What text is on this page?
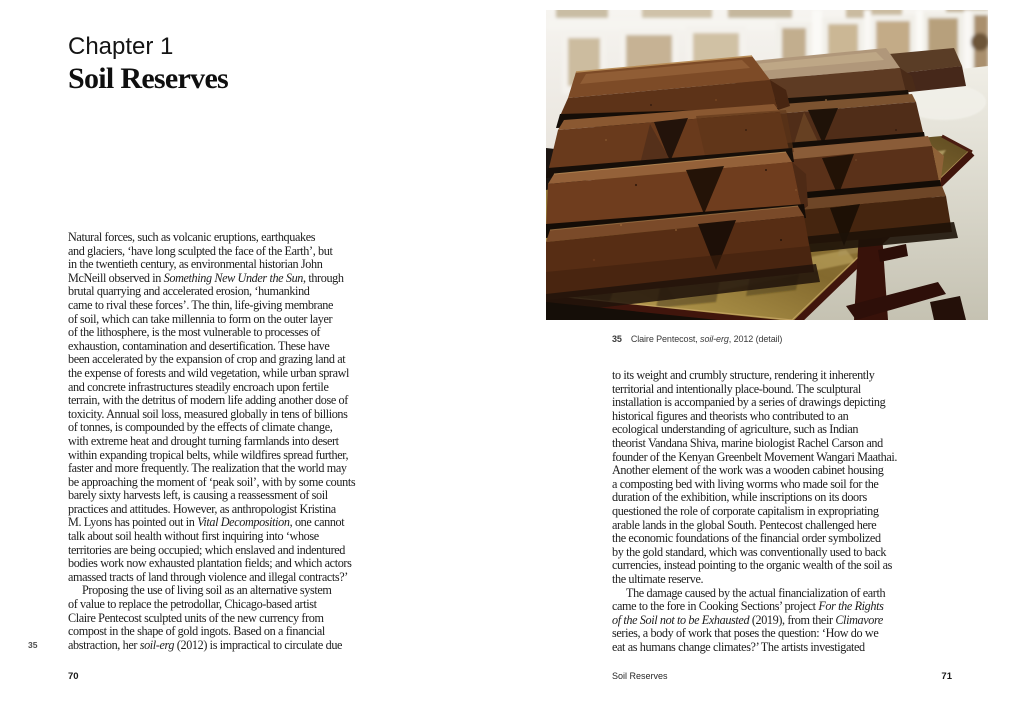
Chapter 1
Soil Reserves
Natural forces, such as volcanic eruptions, earthquakes
and glaciers, ‘have long sculpted the face of the Earth’, but
in the twentieth century, as environmental historian John
McNeill observed in Something New Under the Sun, through
brutal quarrying and accelerated erosion, ‘humankind
came to rival these forces’. The thin, life-giving membrane
of soil, which can take millennia to form on the outer layer
of the lithosphere, is the most vulnerable to processes of
exhaustion, contamination and desertification. These have
been accelerated by the expansion of crop and grazing land at
the expense of forests and wild vegetation, while urban sprawl
and concrete infrastructures steadily encroach upon fertile
terrain, with the detritus of modern life adding another dose of
toxicity. Annual soil loss, measured globally in tens of billions
of tonnes, is compounded by the effects of climate change,
with extreme heat and drought turning farmlands into desert
within expanding tropical belts, while wildfires spread further,
faster and more frequently. The realization that the world may
be approaching the moment of ‘peak soil’, with by some counts
barely sixty harvests left, is causing a reassessment of soil
practices and attitudes. However, as anthropologist Kristina
M. Lyons has pointed out in Vital Decomposition, one cannot
talk about soil health without first inquiring into ‘whose
territories are being occupied; which enslaved and indentured
bodies work now exhausted plantation fields; and which actors
amassed tracts of land through violence and illegal contracts?’
Proposing the use of living soil as an alternative system
of value to replace the petrodollar, Chicago-based artist
Claire Pentecost sculpted units of the new currency from
compost in the shape of gold ingots. Based on a financial
abstraction, her soil-erg (2012) is impractical to circulate due
35
70
35 Claire Pentecost, soil-erg, 2012 (detail)
to its weight and crumbly structure, rendering it inherently
territorial and intentionally place-bound. The sculptural
installation is accompanied by a series of drawings depicting
historical figures and theorists who contributed to an
ecological understanding of agriculture, such as Indian
theorist Vandana Shiva, marine biologist Rachel Carson and
founder of the Kenyan Greenbelt Movement Wangari Maathai.
Another element of the work was a wooden cabinet housing
a composting bed with living worms who made soil for the
duration of the exhibition, while inscriptions on its doors
questioned the role of corporate capitalism in expropriating
arable lands in the global South. Pentecost challenged here
the economic foundations of the financial order symbolized
by the gold standard, which was conventionally used to back
currencies, instead pointing to the organic wealth of the soil as
the ultimate reserve.
The damage caused by the actual financialization of earth
came to the fore in Cooking Sections’ project For the Rights
of the Soil not to be Exhausted (2019), from their Climavore
series, a body of work that poses the question: ‘How do we
eat as humans change climates?’ The artists investigated
Soil Reserves	71
